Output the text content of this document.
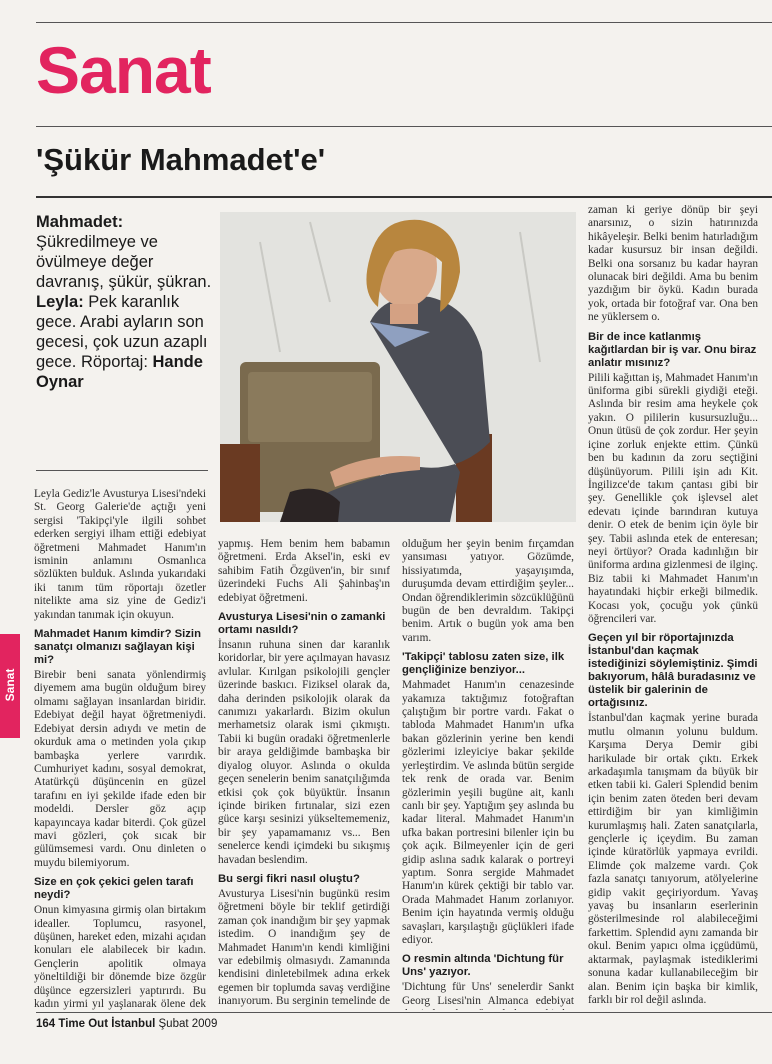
Sanat
'Şükür Mahmadet'e'
Mahmadet: Şükredilmeye ve övülmeye değer davranış, şükür, şükran. Leyla: Pek karanlık gece. Arabi ayların son gecesi, çok uzun azaplı gece. Röportaj: Hande Oynar
Sanat

Leyla Gediz'le Avusturya Lisesi'ndeki St. Georg Galerie'de açtığı yeni sergisi 'Takipçi'yle ilgili sohbet ederken sergiyi ilham ettiği edebiyat öğretmeni Mahmadet Hanım'ın isminin anlamını Osmanlıca sözlükten bulduk. Aslında yukarıdaki iki tanım tüm röportajı özetler nitelikte ama siz yine de Gediz'i yakından tanımak için okuyun.

Mahmadet Hanım kimdir? Sizin sanatçı olmanızı sağlayan kişi mi?

Birebir beni sanata yönlendirmiş diyemem ama bugün olduğum birey olmamı sağlayan insanlardan biridir. Edebiyat değil hayat öğretmeniydi. Edebiyat dersin adıydı ve metin de okurduk ama o metinden yola çıkıp bambaşka yerlere varırdık. Cumhuriyet kadını, sosyal demokrat, Atatürkçü düşüncenin en güzel tarafını en iyi şekilde ifade eden bir modeldi. Dersler göz açıp kapayıncaya kadar biterdi. Çok güzel mavi gözleri, çok sıcak bir gülümsemesi vardı. Onu dinleten o muydu bilemiyorum.

Size en çok çekici gelen tarafı neydi?

Onun kimyasına girmiş olan birtakım idealler. Toplumcu, rasyonel, düşünen, hareket eden, mizahi açıdan konuları ele alabilecek bir kadın. Gençlerin apolitik olmaya yöneltildiği bir dönemde bize özgür düşünce egzersizleri yaptırırdı. Bu kadın yirmi yıl yaşlanarak ölene dek

yapmış. Hem benim hem babamın öğretmeni. Erda Aksel'in, eski ev sahibim Fatih Özgüven'in, bir sınıf üzerindeki Fuchs Ali Şahinbaş'ın edebiyat öğretmeni.

Avusturya Lisesi'nin o zamanki ortamı nasıldı?

İnsanın ruhuna sinen dar karanlık koridorlar, bir yere açılmayan havasız avlular. Kırılgan psikolojili gençler üzerinde baskıcı. Fiziksel olarak da, daha derinden psikolojik olarak da canımızı yakarlardı. Bizim okulun merhametsiz olarak ismi çıkmıştı. Tabii ki bugün oradaki öğretmenlerle bir araya geldiğimde bambaşka bir diyalog oluyor. Aslında o okulda geçen senelerin benim sanatçılığımda etkisi çok çok büyüktür. İnsanın içinde biriken fırtınalar, sizi ezen güce karşı sesinizi yükseltememeniz, bir şey yapamamanız vs... Ben senelerce kendi içimdeki bu sıkışmış havadan beslendim.

Bu sergi fikri nasıl oluştu?

Avusturya Lisesi'nin bugünkü resim öğretmeni böyle bir teklif getirdiği zaman çok inandığım bir şey yapmak istedim. O inandığım şey de Mahmadet Hanım'ın kendi kimliğini var edebilmiş olmasıydı. Zamanında kendisini dinletebilmek adına erkek egemen bir toplumda savaş verdiğine inanıyorum. Bu serginin temelinde de

olduğum her şeyin benim fırçamdan yansıması yatıyor. Gözümde, hissiyatımda, yaşayışımda, duruşumda devam ettirdiğim şeyler... Ondan öğrendiklerimin sözcüklüğünü bugün de ben devraldım. Takipçi benim. Artık o bugün yok ama ben varım.

'Takipçi' tablosu zaten size, ilk gençliğinize benziyor...

Mahmadet Hanım'ın cenazesinde yakamıza taktığımız fotoğraftan çalıştığım bir portre vardı. Fakat o tabloda Mahmadet Hanım'ın ufka bakan gözlerinin yerine ben kendi gözlerimi izleyiciye bakar şekilde yerleştirdim. Ve aslında bütün sergide tek renk de orada var. Benim gözlerimin yeşili bugüne ait, kanlı canlı bir şey. Yaptığım şey aslında bu kadar literal. Mahmadet Hanım'ın ufka bakan portresini bilenler için bu çok açık. Bilmeyenler için de geri gidip aslına sadık kalarak o portreyi yaptım. Sonra sergide Mahmadet Hanım'ın kürek çektiği bir tablo var. Orada Mahmadet Hanım zorlanıyor. Benim için hayatında vermiş olduğu savaşları, karşılaştığı güçlükleri ifade ediyor.

O resmin altında 'Dichtung für Uns' yazıyor.

'Dichtung für Uns' senelerdir Sankt Georg Lisesi'nin Almanca edebiyat

zaman ki geriye dönüp bir şeyi anarsınız, o sizin hatırınızda hikâyeleşir. Belki benim hatırladığım kadar kusursuz bir insan değildi. Belki ona sorsanız bu kadar hayran olunacak biri değildi. Ama bu benim yazdığım bir öykü. Kadın burada yok, ortada bir fotoğraf var. Ona ben ne yüklersem o.

Bir de ince katlanmış kağıtlardan bir iş var. Onu biraz anlatır mısınız?

Pilili kağıttan iş, Mahmadet Hanım'ın üniforma gibi sürekli giydiği eteği. Aslında bir resim ama heykele çok yakın. O pililerin kusursuzluğu... Onun ütüsü de çok zordur. Her şeyin içine zorluk enjekte ettim. Çünkü ben bu kadının da zoru seçtiğini düşünüyorum. Pilili işin adı Kit. İngilizce'de takım çantası gibi bir şey. Genellikle çok işlevsel alet edevatı içinde barındıran kutuya denir. O etek de benim için öyle bir şey. Tabii aslında etek de enteresan; neyi örtüyor? Orada kadınlığın bir üniforma ardına gizlenmesi de ilginç. Biz tabii ki Mahmadet Hanım'ın hayatındaki hiçbir erkeği bilmedik. Kocası yok, çocuğu yok çünkü öğrencileri var.

Geçen yıl bir röportajınızda İstanbul'dan kaçmak istediğinizi söylemiştiniz. Şimdi bakıyorum, hâlâ buradasınız ve üstelik bir galerinin de ortağısınız.

İstanbul'dan kaçmak yerine burada mutlu olmanın yolunu buldum. Karşıma Derya Demir gibi harikulade bir ortak çıktı. Erkek arkadaşımla tanışmam da büyük bir etken tabii ki. Galeri Splendid benim için benim zaten öteden beri devam ettirdiğim bir yan kimliğimin kurumlaşmış hali. Zaten sanatçılarla, gençlerle iç içeydim. Bu zaman içinde küratörlük yapmaya evrildi. Elimde çok malzeme vardı. Çok fazla sanatçı tanıyorum, atölyelerine gidip vakit geçiriyordum. Yavaş yavaş bu insanların eserlerinin gösterilmesinde rol alabileceğimi farkettim. Splendid aynı zamanda bir okul. Benim yapıcı olma içgüdümü, aktarmak, paylaşmak istediklerimi sonuna kadar kullanabileceğim bir alan. Benim için başka bir kimlik, farklı bir rol değil aslında.

164 Time Out İstanbul Şubat 2009
